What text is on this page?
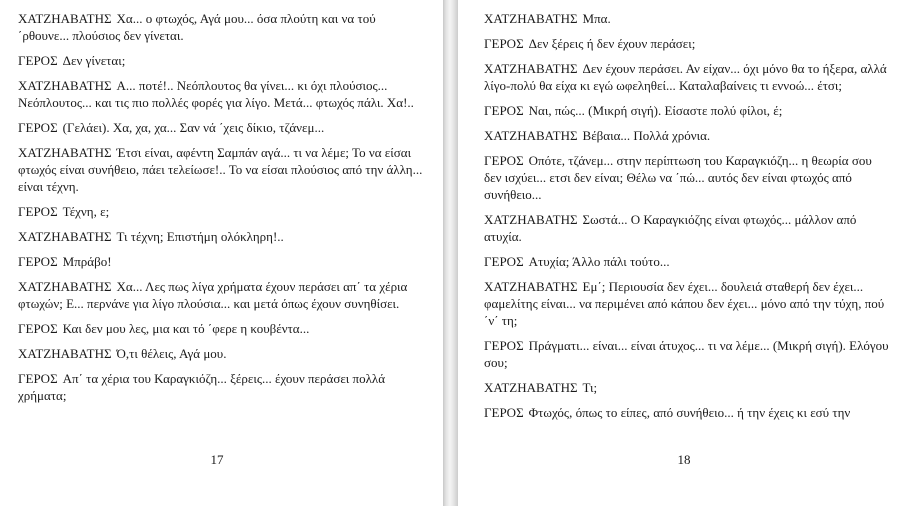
ΧΑΤΖΗΑΒΑΤΗΣ Χα... ο φτωχός, Αγά μου... όσα πλούτη και να τού ΄ρθουνε... πλούσιος δεν γίνεται.

ΓΕΡΟΣ Δεν γίνεται;

ΧΑΤΖΗΑΒΑΤΗΣ Α... ποτέ!.. Νεόπλουτος θα γίνει... κι όχι πλούσιος... Νεόπλουτος... και τις πιο πολλές φορές για λίγο. Μετά... φτωχός πάλι. Χα!..

ΓΕΡΟΣ (Γελάει). Χα, χα, χα... Σαν νά ΄χεις δίκιο, τζάνεμ...

ΧΑΤΖΗΑΒΑΤΗΣ Έτσι είναι, αφέντη Σαμπάν αγά... τι να λέμε; Το να είσαι φτωχός είναι συνήθειο, πάει τελείωσε!.. Το να είσαι πλούσιος από την άλλη... είναι τέχνη.

ΓΕΡΟΣ Τέχνη, ε;

ΧΑΤΖΗΑΒΑΤΗΣ Τι τέχνη; Επιστήμη ολόκληρη!..

ΓΕΡΟΣ Μπράβο!

ΧΑΤΖΗΑΒΑΤΗΣ Χα... Λες πως λίγα χρήματα έχουν περάσει απ΄ τα χέρια φτωχών; Ε... περνάνε για λίγο πλούσια... και μετά όπως έχουν συνηθίσει.

ΓΕΡΟΣ Και δεν μου λες, μια και τό ΄φερε η κουβέντα...

ΧΑΤΖΗΑΒΑΤΗΣ Ό,τι θέλεις, Αγά μου.

ΓΕΡΟΣ Απ΄ τα χέρια του Καραγκιόζη... ξέρεις... έχουν περάσει πολλά χρήματα;

17

ΧΑΤΖΗΑΒΑΤΗΣ Μπα.

ΓΕΡΟΣ Δεν ξέρεις ή δεν έχουν περάσει;

ΧΑΤΖΗΑΒΑΤΗΣ Δεν έχουν περάσει. Αν είχαν... όχι μόνο θα το ήξερα, αλλά λίγο-πολύ θα είχα κι εγώ ωφεληθεί... Καταλαβαίνεις τι εννοώ... έτσι;

ΓΕΡΟΣ Ναι, πώς... (Μικρή σιγή). Είσαστε πολύ φίλοι, έ;

ΧΑΤΖΗΑΒΑΤΗΣ Βέβαια... Πολλά χρόνια.

ΓΕΡΟΣ Οπότε, τζάνεμ... στην περίπτωση του Καραγκιόζη... η θεωρία σου δεν ισχύει... ετσι δεν είναι; Θέλω να ΄πώ... αυτός δεν είναι φτωχός από συνήθειο...

ΧΑΤΖΗΑΒΑΤΗΣ Σωστά... Ο Καραγκιόζης είναι φτωχός... μάλλον από ατυχία.

ΓΕΡΟΣ Ατυχία; Άλλο πάλι τούτο...

ΧΑΤΖΗΑΒΑΤΗΣ Εμ΄; Περιουσία δεν έχει... δουλειά σταθερή δεν έχει... φαμελίτης είναι... να περιμένει από κάπου δεν έχει... μόνο από την τύχη, πού ΄ν΄ τη;

ΓΕΡΟΣ Πράγματι... είναι... είναι άτυχος... τι να λέμε... (Μικρή σιγή). Ελόγου σου;

ΧΑΤΖΗΑΒΑΤΗΣ Τι;

ΓΕΡΟΣ Φτωχός, όπως το είπες, από συνήθειο... ή την έχεις κι εσύ την

18
